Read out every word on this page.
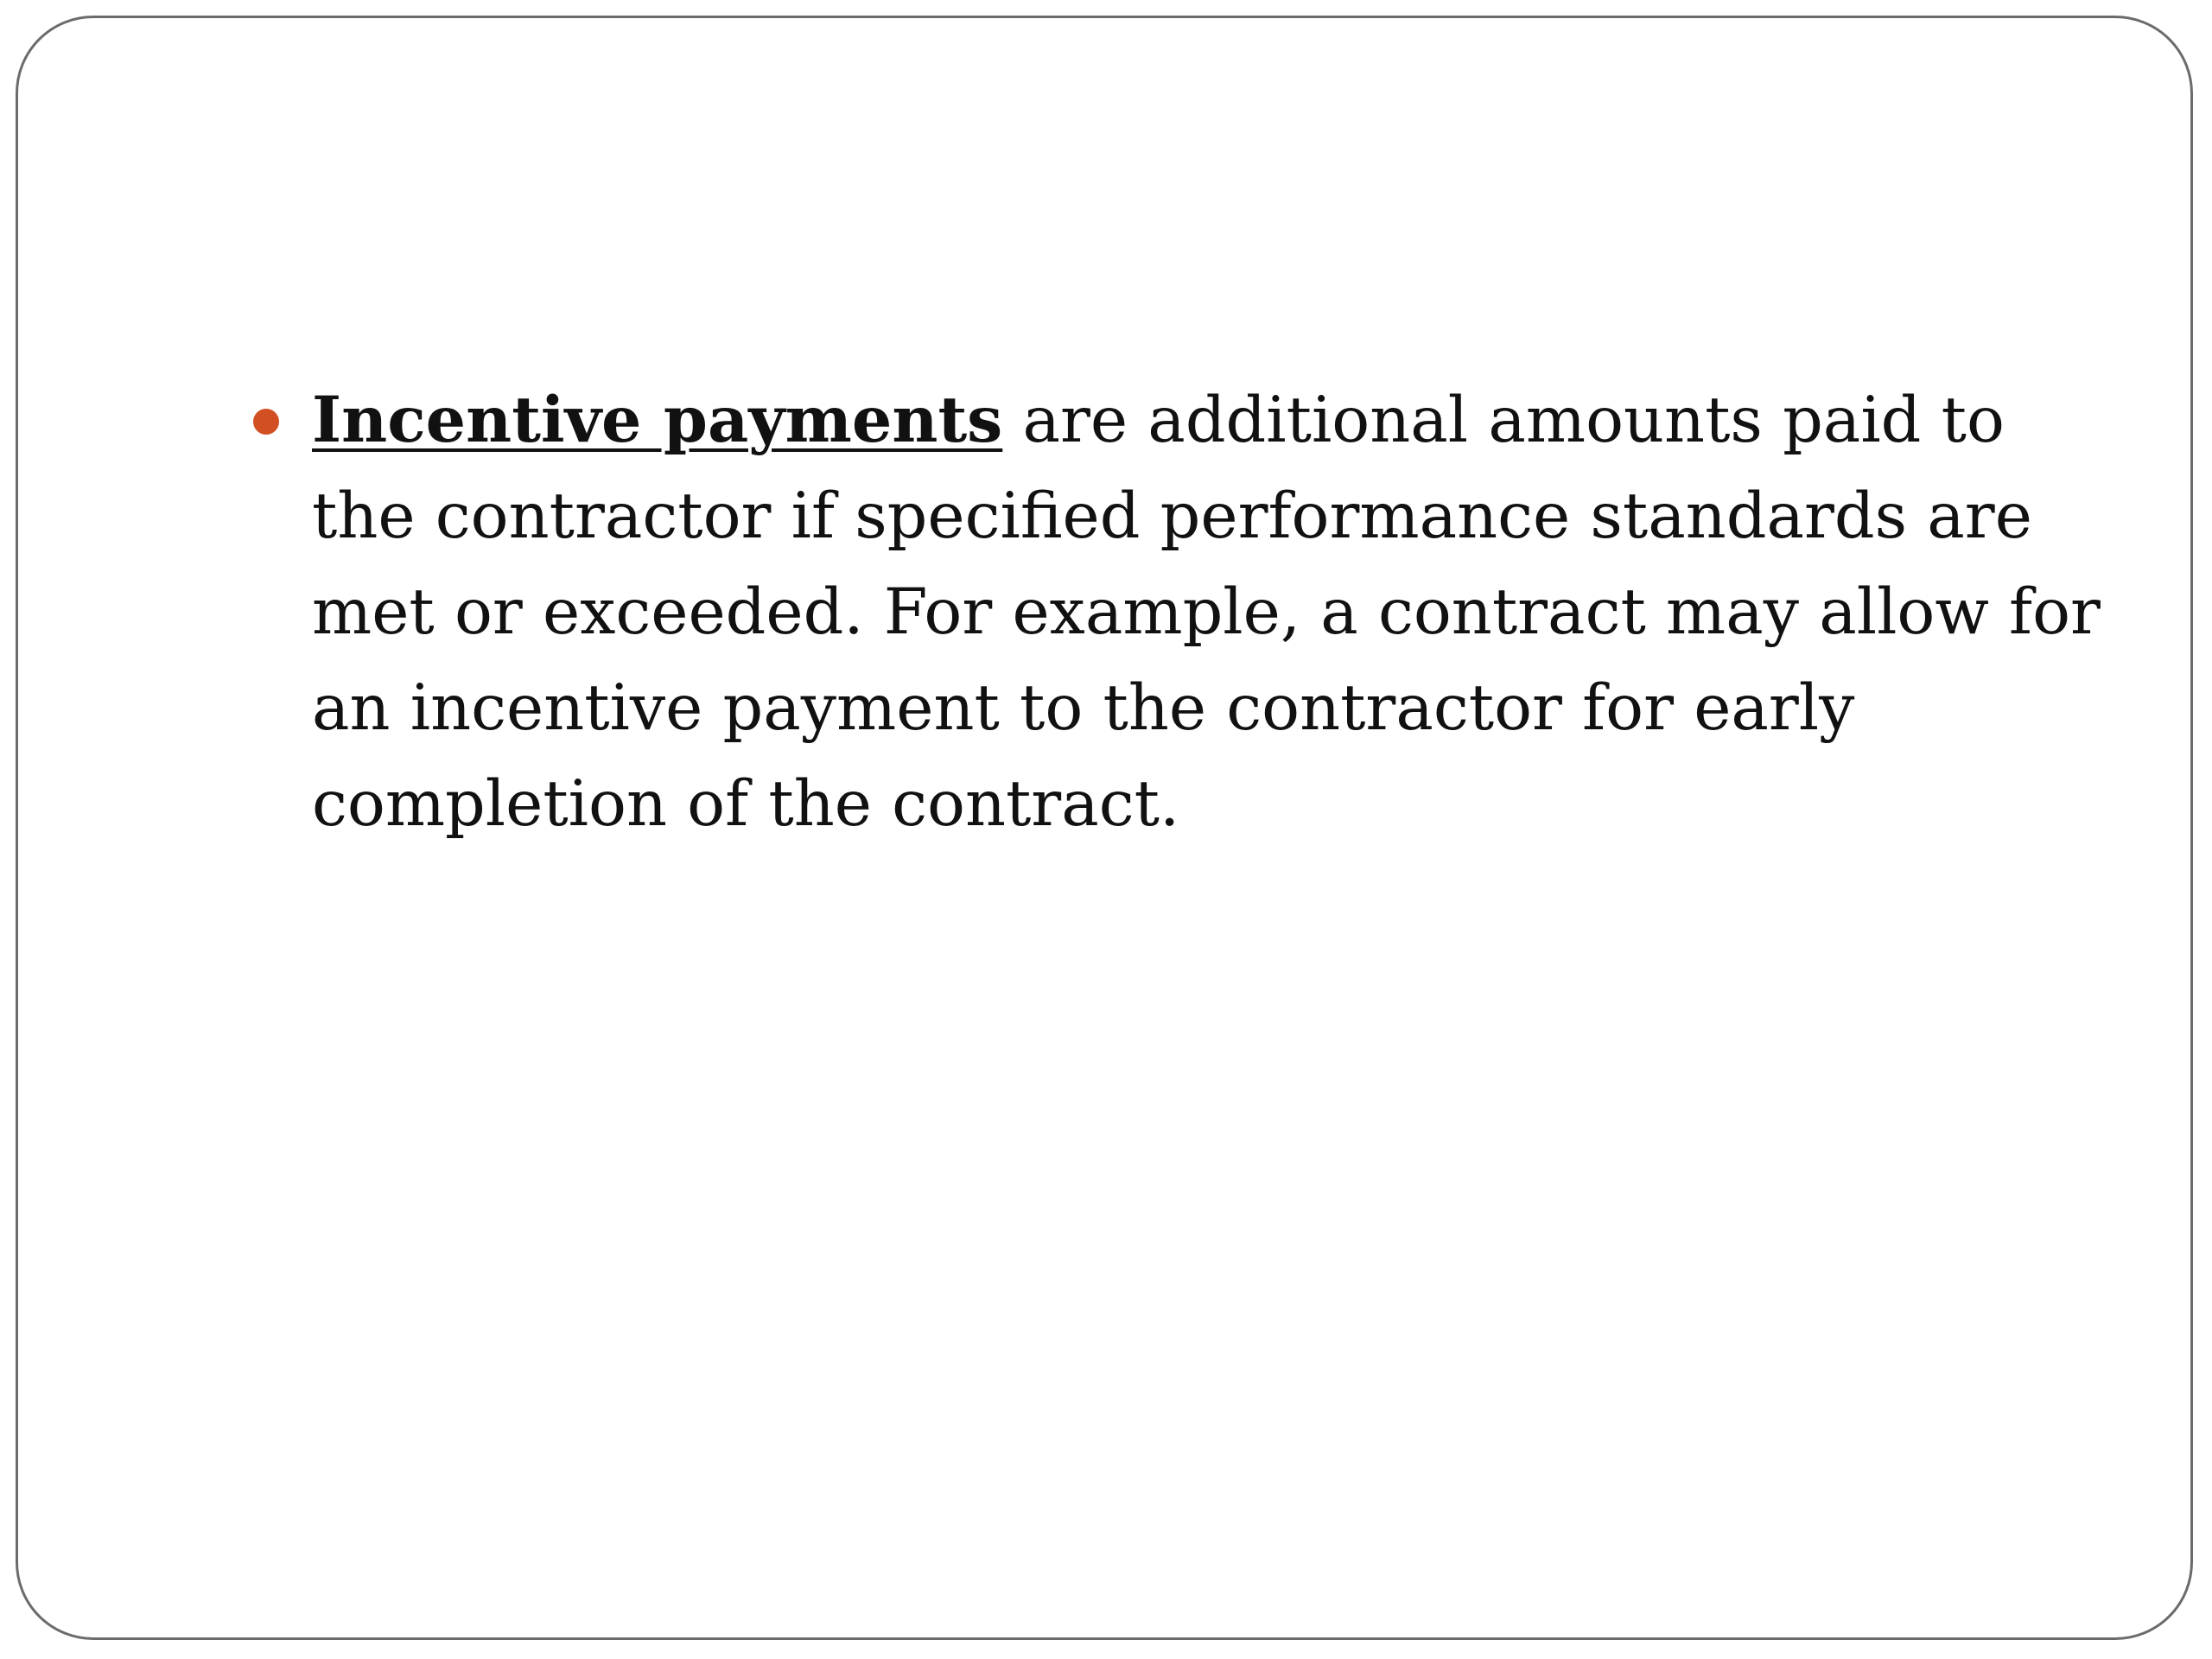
Incentive payments are additional amounts paid to the contractor if specified performance standards are met or exceeded. For example, a contract may allow for an incentive payment to the contractor for early completion of the contract.
